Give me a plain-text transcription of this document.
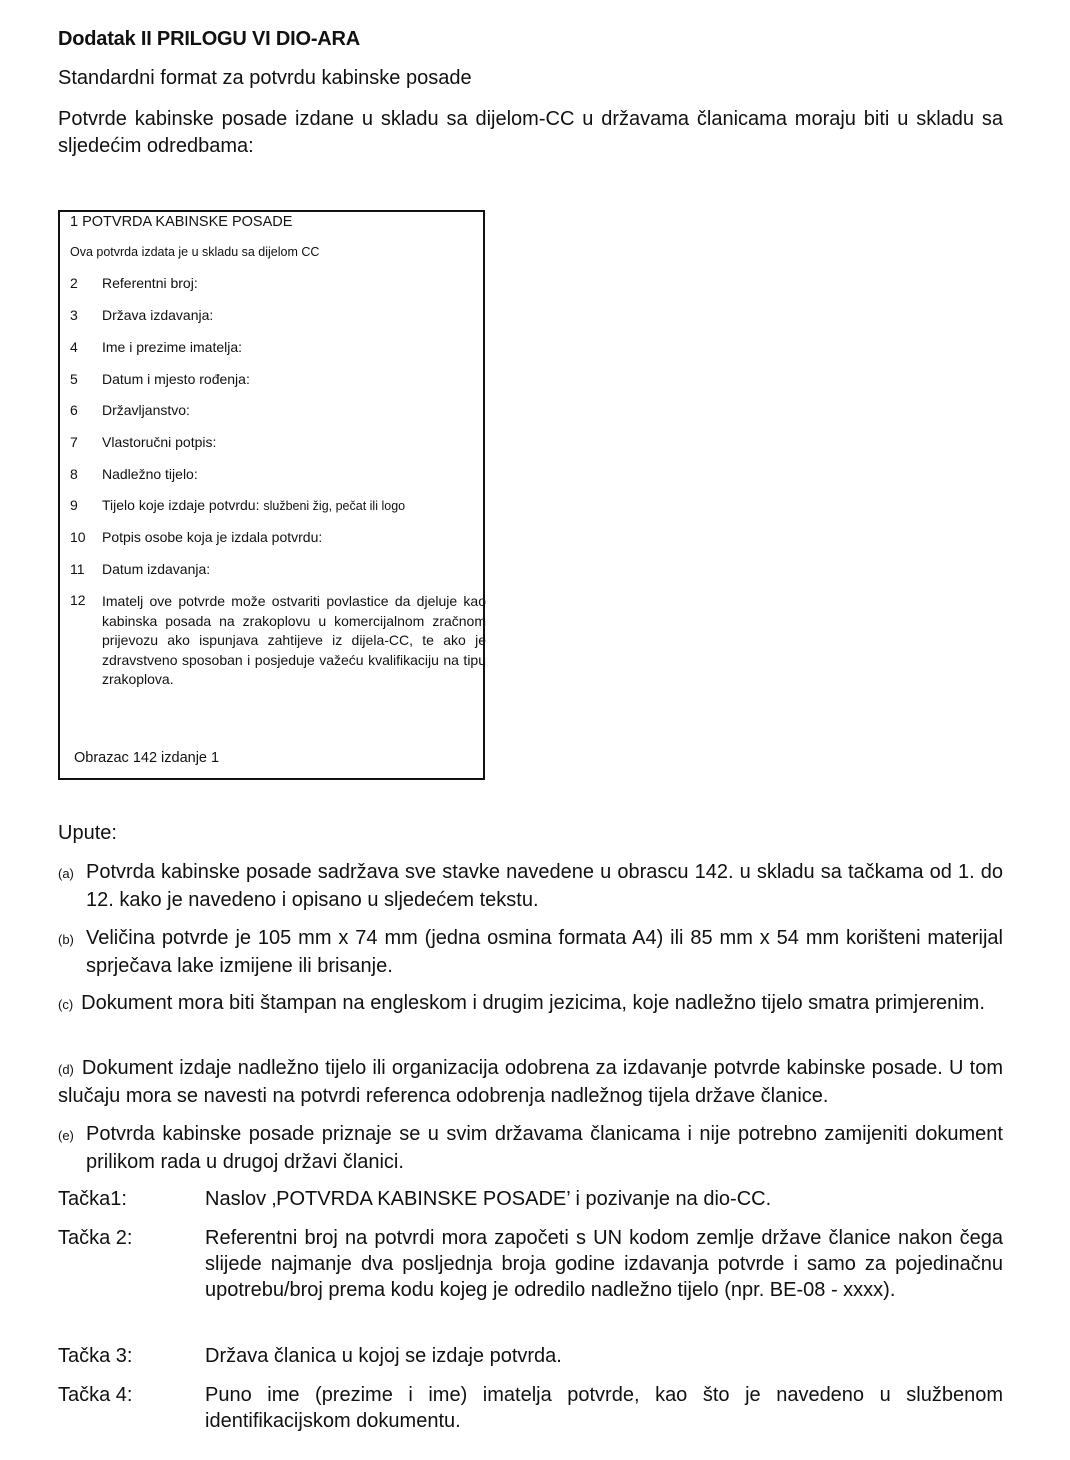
Dodatak II PRILOGU VI DIO-ARA
Standardni format za potvrdu kabinske posade
Potvrde kabinske posade izdane u skladu sa dijelom-CC u državama članicama moraju biti u skladu sa sljedećim odredbama:
1 POTVRDA KABINSKE POSADE
Ova potvrda izdata je u skladu sa dijelom CC
2 Referentni broj:
3 Država izdavanja:
4 Ime i prezime imatelja:
5 Datum i mjesto rođenja:
6 Državljanstvo:
7 Vlastoručni potpis:
8 Nadležno tijelo:
9 Tijelo koje izdaje potvrdu: službeni žig, pečat ili logo
10 Potpis osobe koja je izdala potvrdu:
11 Datum izdavanja:
12 Imatelj ove potvrde može ostvariti povlastice da djeluje kao kabinska posada na zrakoplovu u komercijalnom zračnom prijevozu ako ispunjava zahtijeve iz dijela-CC, te ako je zdravstveno sposoban i posjeduje važeću kvalifikaciju na tipu zrakoplova.
Obrazac 142 izdanje 1
Upute:
(a) Potvrda kabinske posade sadržava sve stavke navedene u obrascu 142. u skladu sa tačkama od 1. do 12. kako je navedeno i opisano u sljedećem tekstu.
(b) Veličina potvrde je 105 mm x 74 mm (jedna osmina formata A4) ili 85 mm x 54 mm korišteni materijal sprječava lake izmijene ili brisanje.
(c) Dokument mora biti štampan na engleskom i drugim jezicima, koje nadležno tijelo smatra primjerenim.
(d) Dokument izdaje nadležno tijelo ili organizacija odobrena za izdavanje potvrde kabinske posade. U tom slučaju mora se navesti na potvrdi referenca odobrenja nadležnog tijela države članice.
(e) Potvrda kabinske posade priznaje se u svim državama članicama i nije potrebno zamijeniti dokument prilikom rada u drugoj državi članici.
Tačka1:	Naslov ‚POTVRDA KABINSKE POSADE’ i pozivanje na dio-CC.
Tačka 2:	Referentni broj na potvrdi mora započeti s UN kodom zemlje države članice nakon čega slijede najmanje dva posljednja broja godine izdavanja potvrde i samo za pojedinačnu upotrebu/broj prema kodu kojeg je odredilo nadležno tijelo (npr. BE-08 - xxxx).
Tačka 3:	Država članica u kojoj se izdaje potvrda.
Tačka 4:	Puno ime (prezime i ime) imatelja potvrde, kao što je navedeno u službenom identifikacijskom dokumentu.
